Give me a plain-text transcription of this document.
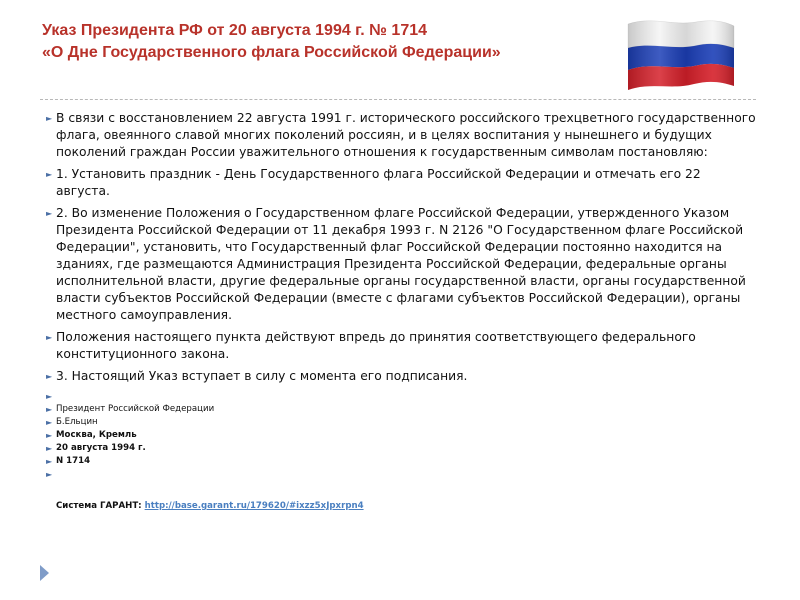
Указ Президента РФ от 20 августа 1994 г. № 1714
«О Дне Государственного флага Российской Федерации»
► В связи с восстановлением 22 августа 1991 г. исторического российского трехцветного государственного флага, овеянного славой многих поколений россиян, и в целях воспитания у нынешнего и будущих поколений граждан России уважительного отношения к государственным символам постановляю:
► 1. Установить праздник - День Государственного флага Российской Федерации и отмечать его 22 августа.
► 2. Во изменение Положения о Государственном флаге Российской Федерации, утвержденного Указом Президента Российской Федерации от 11 декабря 1993 г. N 2126 "О Государственном флаге Российской Федерации", установить, что Государственный флаг Российской Федерации постоянно находится на зданиях, где размещаются Администрация Президента Российской Федерации, федеральные органы исполнительной власти, другие федеральные органы государственной власти, органы государственной власти субъектов Российской Федерации (вместе с флагами субъектов Российской Федерации), органы местного самоуправления.
► Положения настоящего пункта действуют впредь до принятия соответствующего федерального конституционного закона.
► 3. Настоящий Указ вступает в силу с момента его подписания.
►
► Президент Российской Федерации
► Б.Ельцин
► Москва, Кремль
► 20 августа 1994 г.
► N 1714
►
Система ГАРАНТ: http://base.garant.ru/179620/#ixzz5xJpxrpn4
